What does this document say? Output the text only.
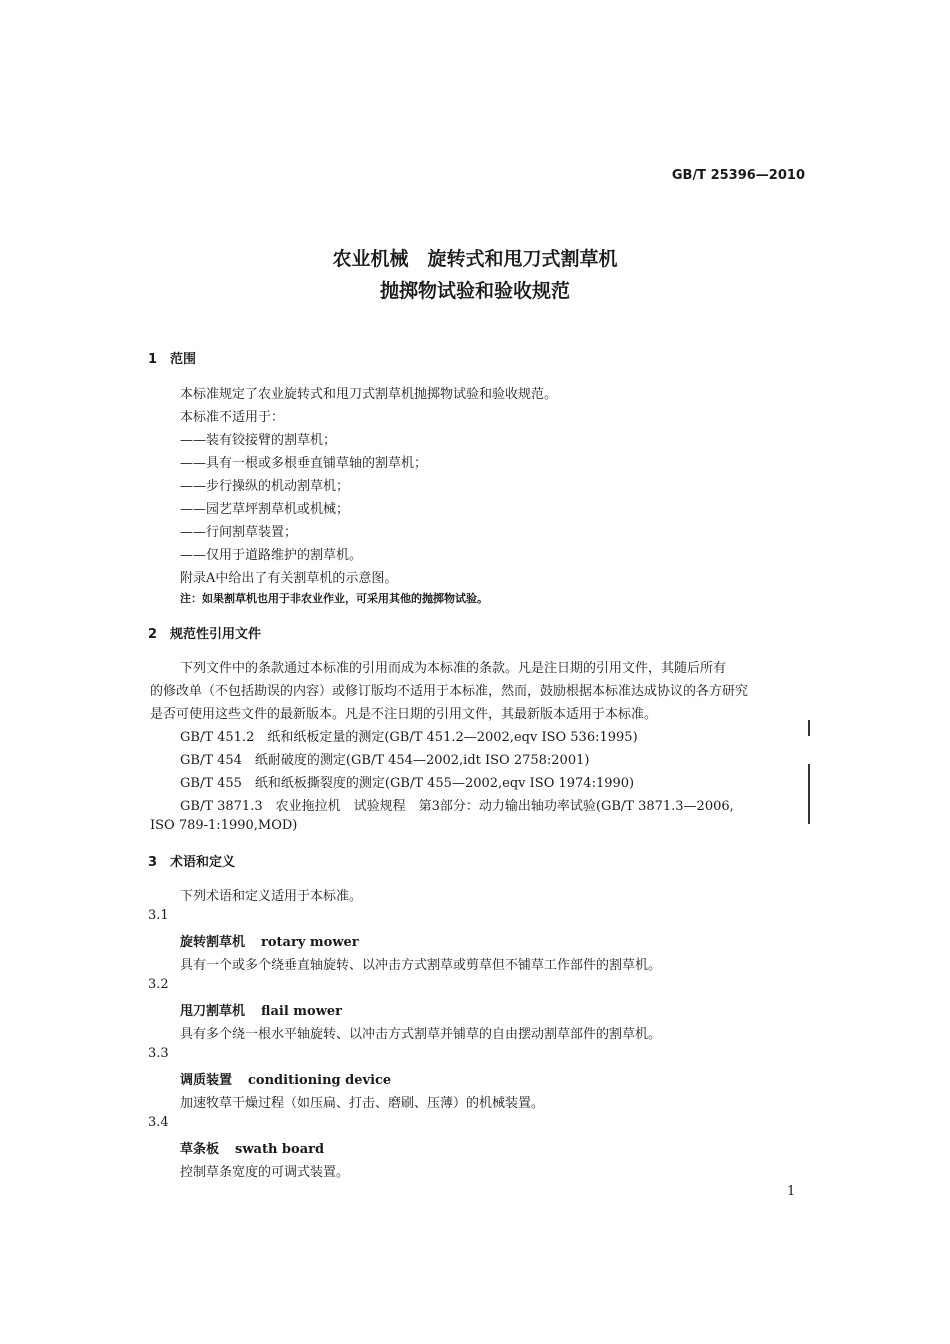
GB/T 25396—2010
农业机械　旋转式和甩刀式割草机
抛掷物试验和验收规范
1 范围
本标准规定了农业旋转式和甩刀式割草机抛掷物试验和验收规范。
本标准不适用于：
——装有铰接臂的割草机；
——具有一根或多根垂直铺草轴的割草机；
——步行操纵的机动割草机；
——园艺草坪割草机或机械；
——行间割草装置；
——仅用于道路维护的割草机。
附录A中给出了有关割草机的示意图。
注：如果割草机也用于非农业作业，可采用其他的抛掷物试验。
2 规范性引用文件
下列文件中的条款通过本标准的引用而成为本标准的条款。凡是注日期的引用文件，其随后所有
的修改单（不包括勘误的内容）或修订版均不适用于本标准，然而，鼓励根据本标准达成协议的各方研究
是否可使用这些文件的最新版本。凡是不注日期的引用文件，其最新版本适用于本标准。
GB/T 451.2　纸和纸板定量的测定(GB/T 451.2—2002,eqv ISO 536:1995)
GB/T 454　纸耐破度的测定(GB/T 454—2002,idt ISO 2758:2001)
GB/T 455　纸和纸板撕裂度的测定(GB/T 455—2002,eqv ISO 1974:1990)
GB/T 3871.3　农业拖拉机　试验规程　第3部分：动力输出轴功率试验(GB/T 3871.3—2006,
ISO 789-1:1990,MOD)
3 术语和定义
下列术语和定义适用于本标准。
3.1
旋转割草机 rotary mower
具有一个或多个绕垂直轴旋转、以冲击方式割草或剪草但不铺草工作部件的割草机。
3.2
甩刀割草机 flail mower
具有多个绕一根水平轴旋转、以冲击方式割草并铺草的自由摆动割草部件的割草机。
3.3
调质装置 conditioning device
加速牧草干燥过程（如压扁、打击、磨刷、压薄）的机械装置。
3.4
草条板 swath board
控制草条宽度的可调式装置。
1
